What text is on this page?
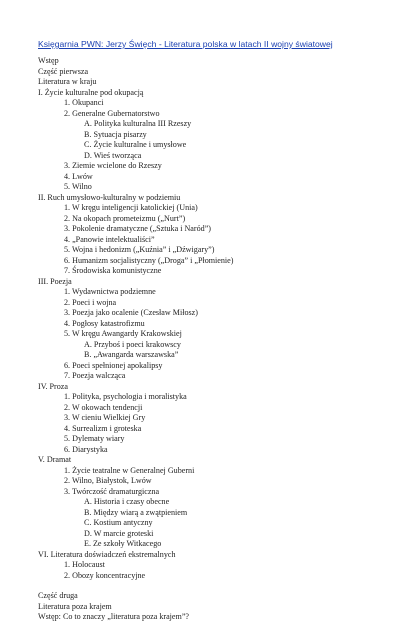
Księgarnia PWN: Jerzy Święch - Literatura polska w latach II wojny światowej
Wstęp
Część pierwsza
Literatura w kraju
I. Życie kulturalne pod okupacją
1. Okupanci
2. Generalne Gubernatorstwo
A. Polityka kulturalna III Rzeszy
B. Sytuacja pisarzy
C. Życie kulturalne i umysłowe
D. Wieś tworząca
3. Ziemie wcielone do Rzeszy
4. Lwów
5. Wilno
II. Ruch umysłowo-kulturalny w podziemiu
1. W kręgu inteligencji katolickiej (Unia)
2. Na okopach prometeizmu („Nurt”)
3. Pokolenie dramatyczne („Sztuka i Naród”)
4. „Panowie intelektualiści”
5. Wojna i hedonizm („Kuźnia” i „Dźwigary”)
6. Humanizm socjalistyczny („Droga” i „Płomienie)
7. Środowiska komunistyczne
III. Poezja
1. Wydawnictwa podziemne
2. Poeci i wojna
3. Poezja jako ocalenie (Czesław Miłosz)
4. Pogłosy katastrofizmu
5. W kręgu Awangardy Krakowskiej
A. Przyboś i poeci krakowscy
B. „Awangarda warszawska”
6. Poeci spełnionej apokalipsy
7. Poezja walcząca
IV. Proza
1. Polityka, psychologia i moralistyka
2. W okowach tendencji
3. W cieniu Wielkiej Gry
4. Surrealizm i groteska
5. Dylematy wiary
6. Diarystyka
V. Dramat
1. Życie teatralne w Generalnej Guberni
2. Wilno, Białystok, Lwów
3. Twórczość dramaturgiczna
A. Historia i czasy obecne
B. Między wiarą a zwątpieniem
C. Kostium antyczny
D. W marcie groteski
E. Ze szkoły Witkacego
VI. Literatura doświadczeń ekstremalnych
1. Holocaust
2. Obozy koncentracyjne
Część druga
Literatura poza krajem
Wstęp: Co to znaczy „literatura poza krajem”?
